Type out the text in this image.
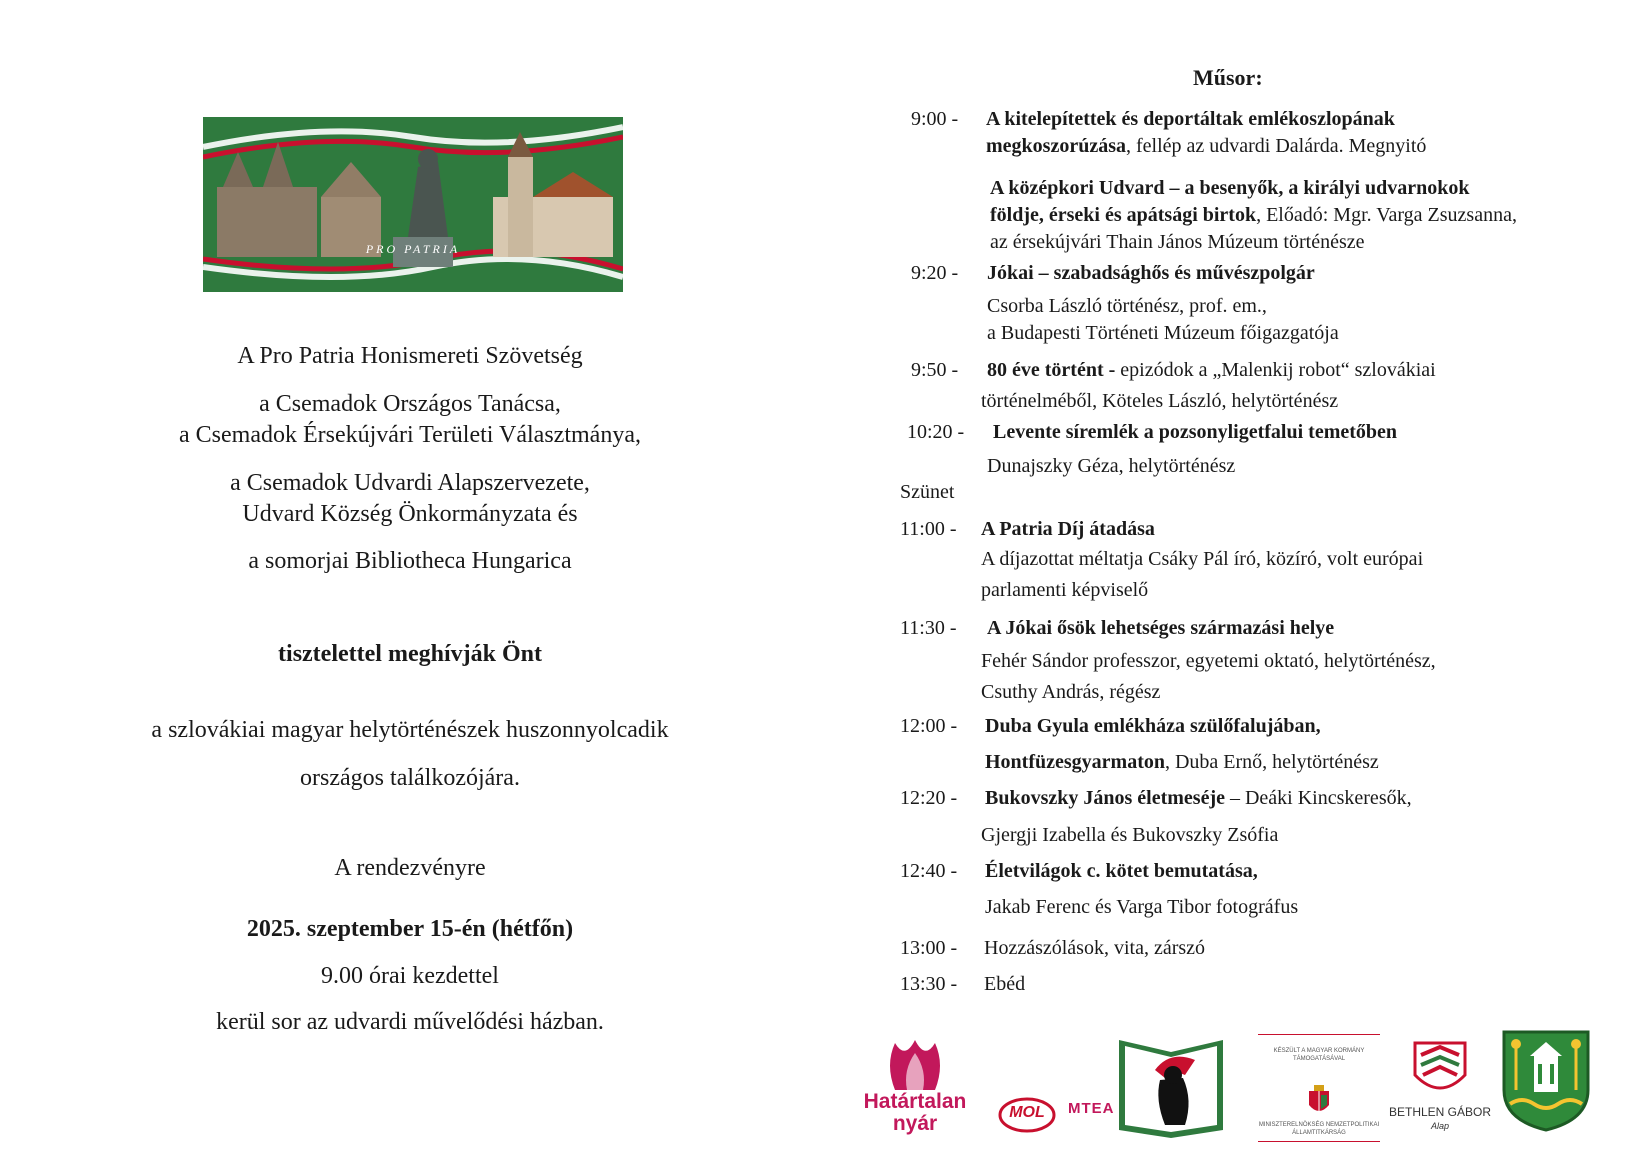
PRO PATRIA
A Pro Patria Honismereti Szövetség
a Csemadok Országos Tanácsa,
a Csemadok Érsekújvári Területi Választmánya,
a Csemadok Udvardi Alapszervezete,
Udvard Község Önkormányzata és
a somorjai Bibliotheca Hungarica
tisztelettel meghívják Önt
a szlovákiai magyar helytörténészek huszonnyolcadik
országos találkozójára.
A rendezvényre
2025. szeptember 15-én (hétfőn)
9.00 órai kezdettel
kerül sor az udvardi művelődési házban.
Műsor:
9:00 - A kitelepítettek és deportáltak emlékoszlopának
megkoszorúzása, fellép az udvardi Dalárda. Megnyitó
A középkori Udvard – a besenyők, a királyi udvarnokok
földje, érseki és apátsági birtok, Előadó: Mgr. Varga Zsuzsanna,
az érsekújvári Thain János Múzeum történésze
9:20 - Jókai – szabadsághős és művészpolgár
Csorba László történész, prof. em.,
a Budapesti Történeti Múzeum főigazgatója
9:50 - 80 éve történt - epizódok a „Malenkij robot“ szlovákiai
történelméből, Köteles László, helytörténész
10:20 - Levente síremlék a pozsonyligetfalui temetőben
Dunajszky Géza, helytörténész
Szünet
11:00 - A Patria Díj átadása
A díjazottat méltatja Csáky Pál író, közíró, volt európai
parlamenti képviselő
11:30 - A Jókai ősök lehetséges származási helye
Fehér Sándor professzor, egyetemi oktató, helytörténész,
Csuthy András, régész
12:00 - Duba Gyula emlékháza szülőfalujában,
Hontfüzesgyarmaton, Duba Ernő, helytörténész
12:20 - Bukovszky János életmeséje – Deáki Kincskeresők,
Gjergji Izabella és Bukovszky Zsófia
12:40 - Életvilágok c. kötet bemutatása,
Jakab Ferenc és Varga Tibor fotográfus
13:00 - Hozzászólások, vita, zárszó
13:30 - Ebéd
Határtalan
nyár	MOL	MTEA
KÉSZÜLT A MAGYAR KORMÁNY TÁMOGATÁSÁVAL
MINISZTERELNÖKSÉG NEMZETPOLITIKAI ÁLLAMTITKÁRSÁG
BETHLEN GÁBOR
Alap
